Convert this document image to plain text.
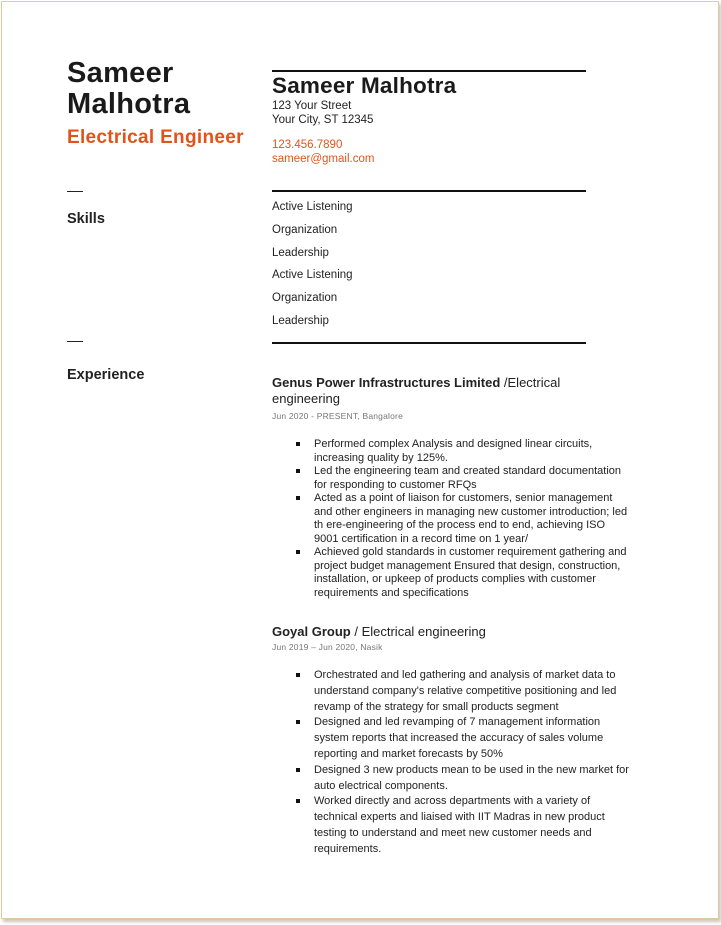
Sameer
Malhotra
Electrical Engineer
Skills
Experience
Sameer Malhotra
123 Your Street
Your City, ST 12345
123.456.7890
sameer@gmail.com
Active Listening
Organization
Leadership
Active Listening
Organization
Leadership
Genus Power Infrastructures Limited /Electrical engineering
Jun 2020 - PRESENT, Bangalore
Performed complex Analysis and designed linear circuits, increasing quality by 125%.
Led the engineering team and created standard documentation for responding to customer RFQs
Acted as a point of liaison for customers, senior management and other engineers in managing new customer introduction; led th ere-engineering of the process end to end, achieving ISO 9001 certification in a record time on 1 year/
Achieved gold standards in customer requirement gathering and project budget management Ensured that design, construction, installation, or upkeep of products complies with customer requirements and specifications
Goyal Group / Electrical engineering
Jun 2019 – Jun 2020, Nasik
Orchestrated and led gathering and analysis of market data to understand company's relative competitive positioning and led revamp of the strategy for small products segment
Designed and led revamping of 7 management information system reports that increased the accuracy of sales volume reporting and market forecasts by 50%
Designed 3 new products mean to be used in the new market for auto electrical components.
Worked directly and across departments with a variety of technical experts and liaised with IIT Madras in new product testing to understand and meet new customer needs and requirements.
